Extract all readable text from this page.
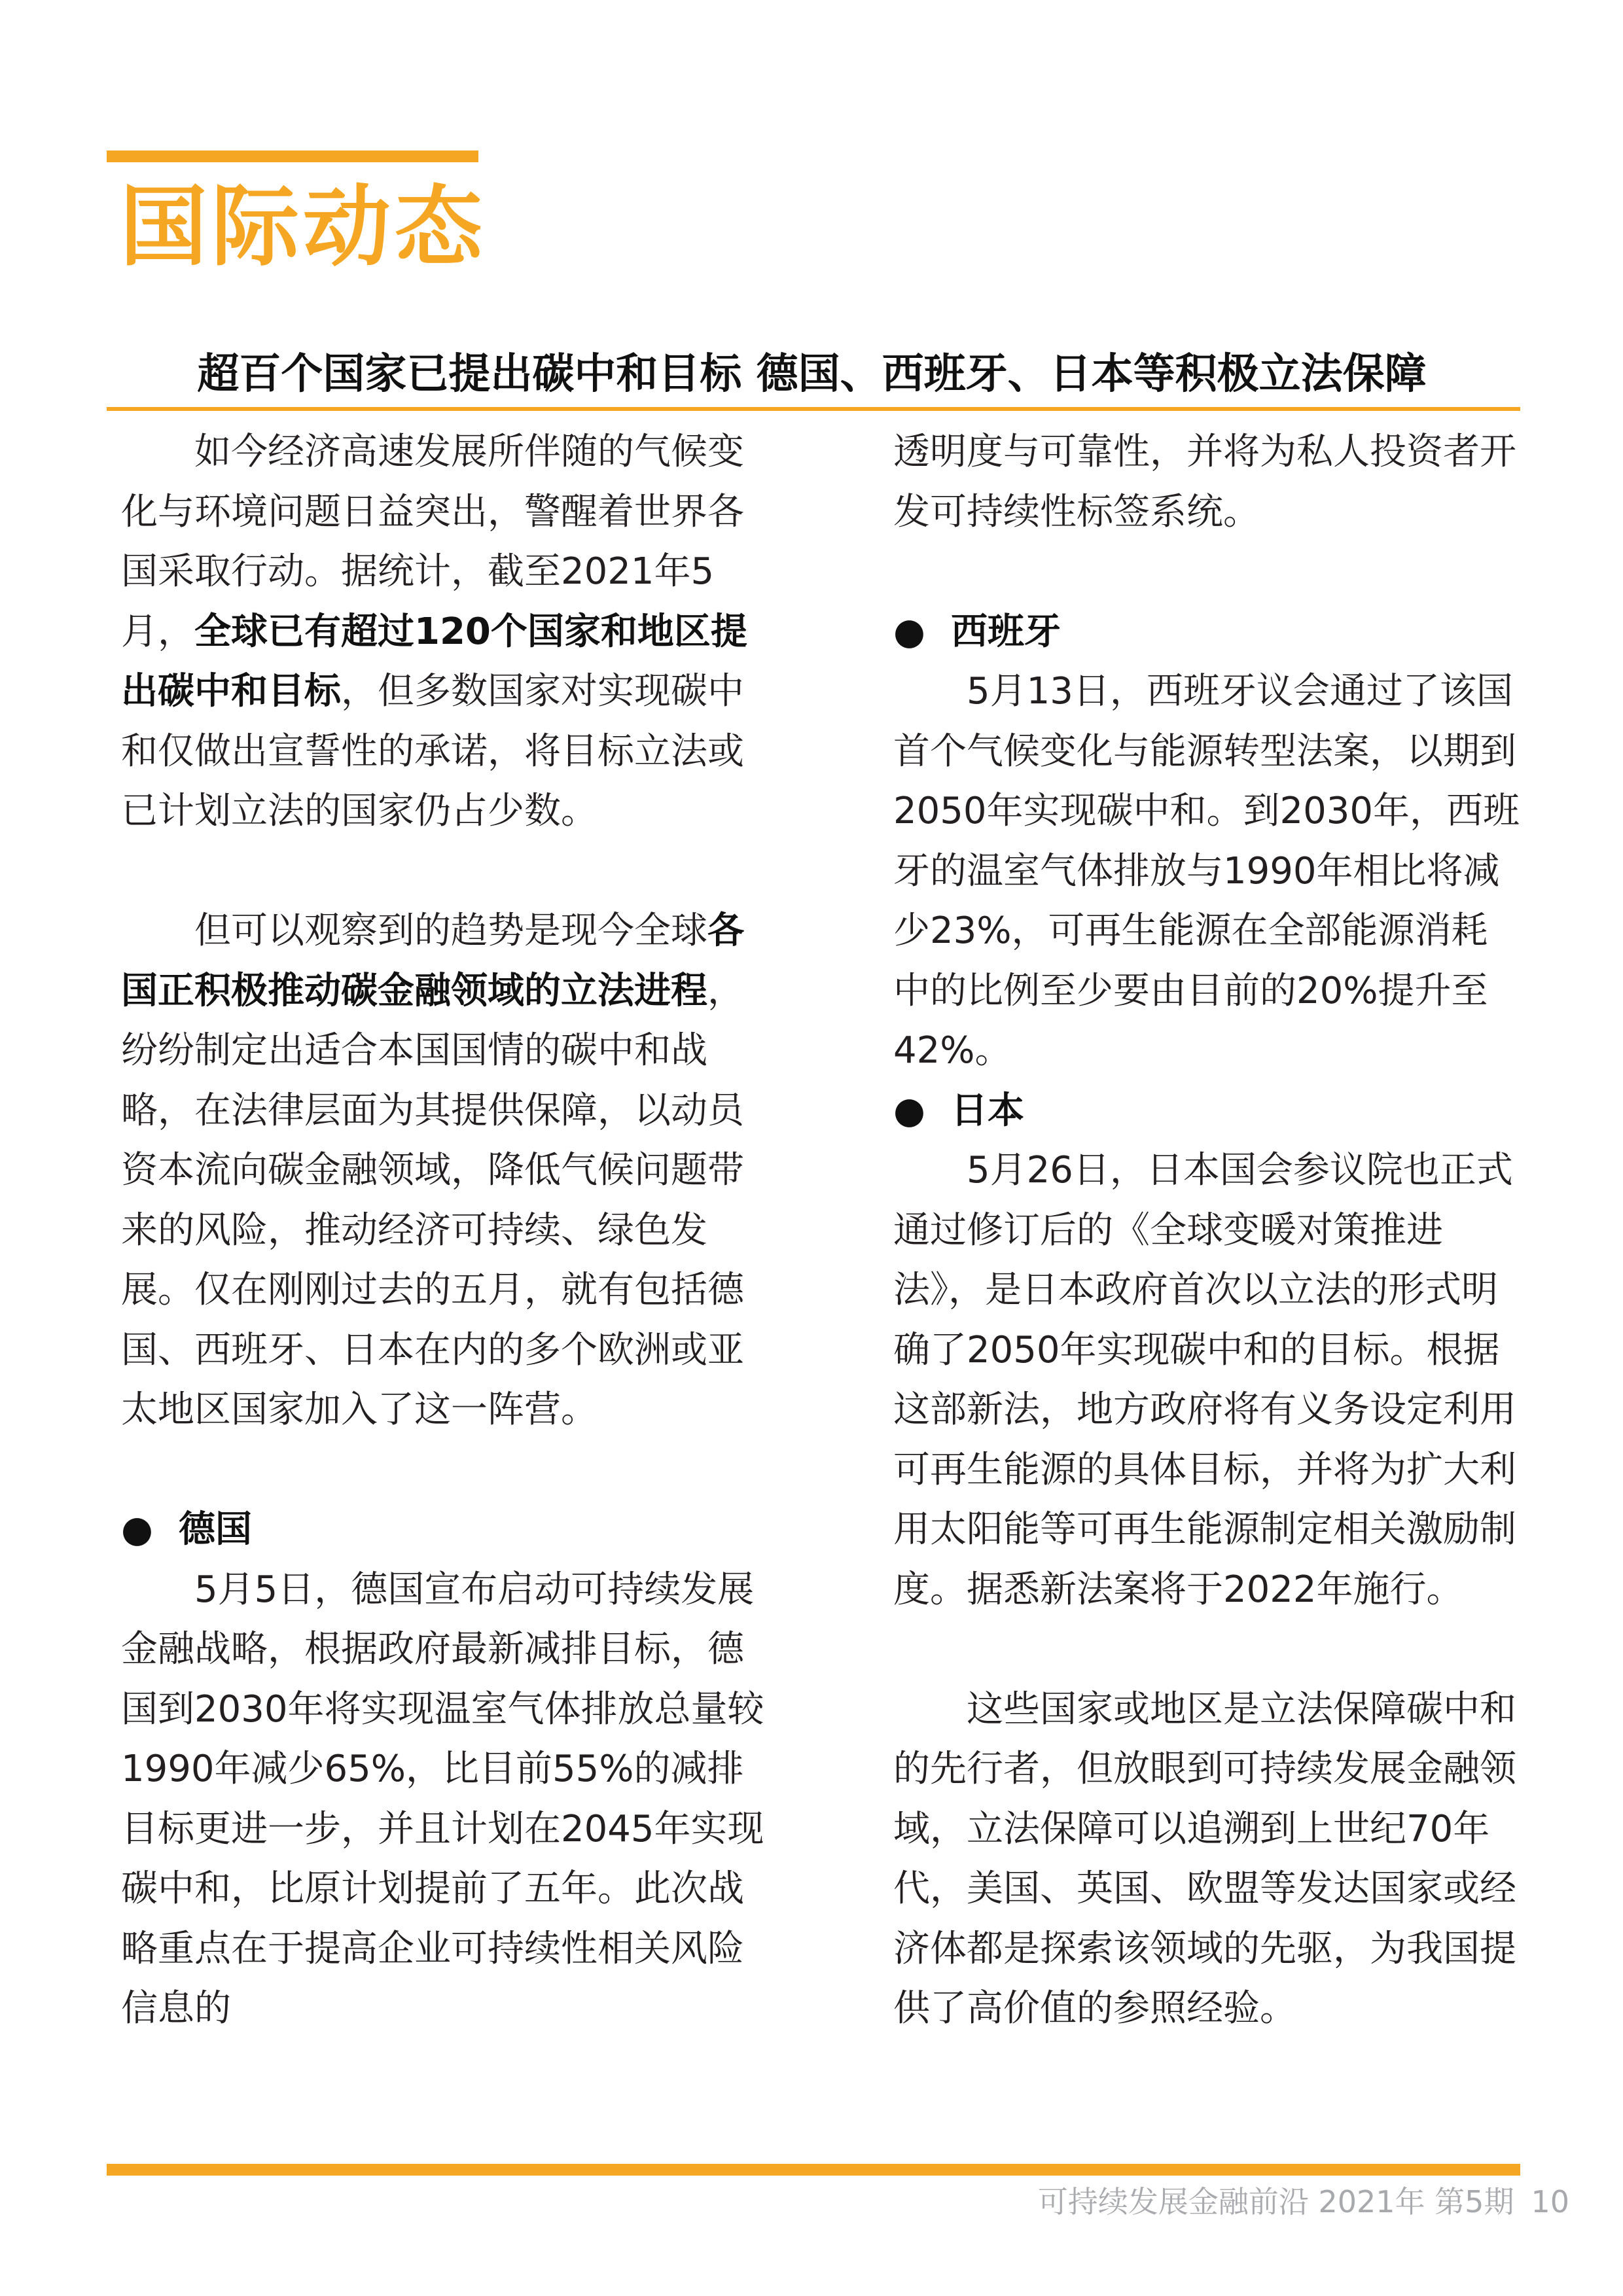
国际动态
超百个国家已提出碳中和目标 德国、西班牙、日本等积极立法保障

如今经济高速发展所伴随的气候变化与环境问题日益突出，警醒着世界各国采取行动。据统计，截至2021年5月，全球已有超过120个国家和地区提出碳中和目标，但多数国家对实现碳中和仅做出宣誓性的承诺，将目标立法或已计划立法的国家仍占少数。

但可以观察到的趋势是现今全球各国正积极推动碳金融领域的立法进程，纷纷制定出适合本国国情的碳中和战略，在法律层面为其提供保障，以动员资本流向碳金融领域，降低气候问题带来的风险，推动经济可持续、绿色发展。仅在刚刚过去的五月，就有包括德国、西班牙、日本在内的多个欧洲或亚太地区国家加入了这一阵营。

● 德国

5月5日，德国宣布启动可持续发展金融战略，根据政府最新减排目标，德国到2030年将实现温室气体排放总量较1990年减少65%，比目前55%的减排目标更进一步，并且计划在2045年实现碳中和，比原计划提前了五年。此次战略重点在于提高企业可持续性相关风险信息的

透明度与可靠性，并将为私人投资者开发可持续性标签系统。

● 西班牙

5月13日，西班牙议会通过了该国首个气候变化与能源转型法案，以期到2050年实现碳中和。到2030年，西班牙的温室气体排放与1990年相比将减少23%，可再生能源在全部能源消耗中的比例至少要由目前的20%提升至42%。

● 日本

5月26日，日本国会参议院也正式通过修订后的《全球变暖对策推进法》，是日本政府首次以立法的形式明确了2050年实现碳中和的目标。根据这部新法，地方政府将有义务设定利用可再生能源的具体目标，并将为扩大利用太阳能等可再生能源制定相关激励制度。据悉新法案将于2022年施行。

这些国家或地区是立法保障碳中和的先行者，但放眼到可持续发展金融领域，立法保障可以追溯到上世纪70年代，美国、英国、欧盟等发达国家或经济体都是探索该领域的先驱，为我国提供了高价值的参照经验。

可持续发展金融前沿 2021年 第5期 10
